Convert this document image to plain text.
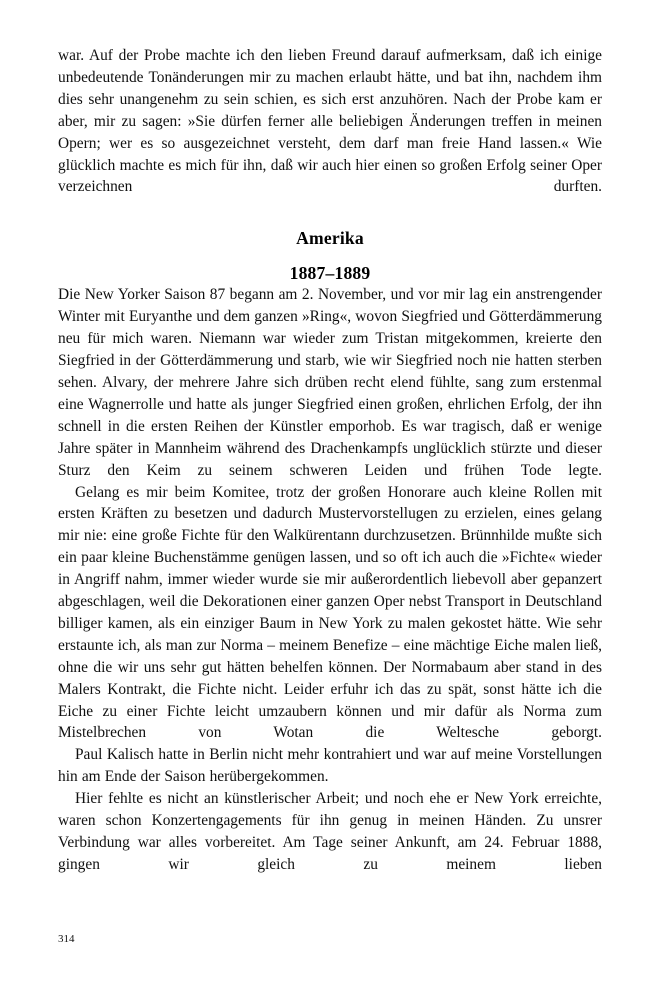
war. Auf der Probe machte ich den lieben Freund darauf aufmerksam, daß ich einige unbedeutende Tonänderungen mir zu machen erlaubt hätte, und bat ihn, nachdem ihm dies sehr unangenehm zu sein schien, es sich erst anzuhören. Nach der Probe kam er aber, mir zu sagen: »Sie dürfen ferner alle beliebigen Änderungen treffen in meinen Opern; wer es so ausgezeichnet versteht, dem darf man freie Hand lassen.« Wie glücklich machte es mich für ihn, daß wir auch hier einen so großen Erfolg seiner Oper verzeichnen durften.

Amerika
1887–1889

Die New Yorker Saison 87 begann am 2. November, und vor mir lag ein anstrengender Winter mit Euryanthe und dem ganzen »Ring«, wovon Siegfried und Götterdämmerung neu für mich waren. Niemann war wieder zum Tristan mitgekommen, kreierte den Siegfried in der Götterdämmerung und starb, wie wir Siegfried noch nie hatten sterben sehen. Alvary, der mehrere Jahre sich drüben recht elend fühlte, sang zum erstenmal eine Wagnerrolle und hatte als junger Siegfried einen großen, ehrlichen Erfolg, der ihn schnell in die ersten Reihen der Künstler emporhob. Es war tragisch, daß er wenige Jahre später in Mannheim während des Drachenkampfs unglücklich stürzte und dieser Sturz den Keim zu seinem schweren Leiden und frühen Tode legte.

Gelang es mir beim Komitee, trotz der großen Honorare auch kleine Rollen mit ersten Kräften zu besetzen und dadurch Mustervorstellugen zu erzielen, eines gelang mir nie: eine große Fichte für den Walkürentann durchzusetzen. Brünnhilde mußte sich ein paar kleine Buchenstämme genügen lassen, und so oft ich auch die »Fichte« wieder in Angriff nahm, immer wieder wurde sie mir außerordentlich liebevoll aber gepanzert abgeschlagen, weil die Dekorationen einer ganzen Oper nebst Transport in Deutschland billiger kamen, als ein einziger Baum in New York zu malen gekostet hätte. Wie sehr erstaunte ich, als man zur Norma – meinem Benefize – eine mächtige Eiche malen ließ, ohne die wir uns sehr gut hätten behelfen können. Der Normabaum aber stand in des Malers Kontrakt, die Fichte nicht. Leider erfuhr ich das zu spät, sonst hätte ich die Eiche zu einer Fichte leicht umzaubern können und mir dafür als Norma zum Mistelbrechen von Wotan die Weltesche geborgt.

Paul Kalisch hatte in Berlin nicht mehr kontrahiert und war auf meine Vorstellungen hin am Ende der Saison herübergekommen.

Hier fehlte es nicht an künstlerischer Arbeit; und noch ehe er New York erreichte, waren schon Konzertengagements für ihn genug in meinen Händen. Zu unsrer Verbindung war alles vorbereitet. Am Tage seiner Ankunft, am 24. Februar 1888, gingen wir gleich zu meinem lieben

314
